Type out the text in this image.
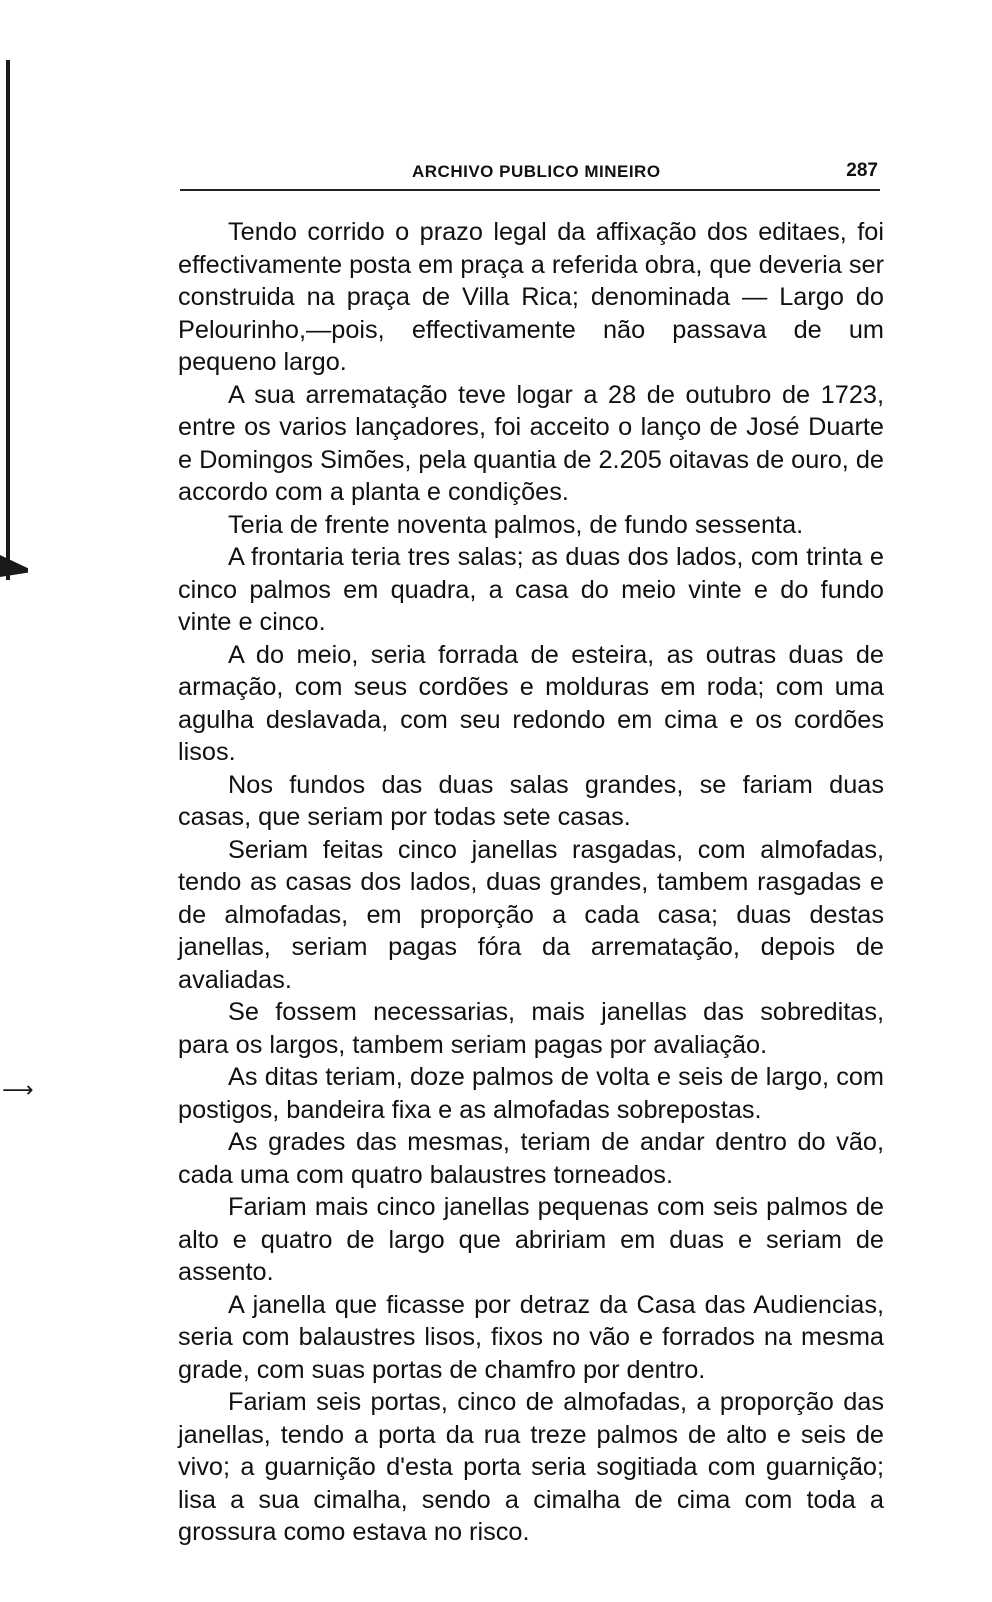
⟶
ARCHIVO PUBLICO MINEIRO	287

Tendo corrido o prazo legal da affixação dos editaes, foi effectivamente posta em praça a referida obra, que deveria ser construida na praça de Villa Rica; denominada — Largo do Pelourinho,—pois, effectivamente não passava de um pequeno largo.

A sua arrematação teve logar a 28 de outubro de 1723, entre os varios lançadores, foi acceito o lanço de José Duarte e Domingos Simões, pela quantia de 2.205 oitavas de ouro, de accordo com a planta e condições.

Teria de frente noventa palmos, de fundo sessenta.

A frontaria teria tres salas; as duas dos lados, com trinta e cinco palmos em quadra, a casa do meio vinte e do fundo vinte e cinco.

A do meio, seria forrada de esteira, as outras duas de armação, com seus cordões e molduras em roda; com uma agulha deslavada, com seu redondo em cima e os cordões lisos.

Nos fundos das duas salas grandes, se fariam duas casas, que seriam por todas sete casas.

Seriam feitas cinco janellas rasgadas, com almofadas, tendo as casas dos lados, duas grandes, tambem rasgadas e de almofadas, em proporção a cada casa; duas destas janellas, seriam pagas fóra da arrematação, depois de avaliadas.

Se fossem necessarias, mais janellas das sobreditas, para os largos, tambem seriam pagas por avaliação.

As ditas teriam, doze palmos de volta e seis de largo, com postigos, bandeira fixa e as almofadas sobrepostas.

As grades das mesmas, teriam de andar dentro do vão, cada uma com quatro balaustres torneados.

Fariam mais cinco janellas pequenas com seis palmos de alto e quatro de largo que abririam em duas e seriam de assento.

A janella que ficasse por detraz da Casa das Audiencias, seria com balaustres lisos, fixos no vão e forrados na mesma grade, com suas portas de chamfro por dentro.

Fariam seis portas, cinco de almofadas, a proporção das janellas, tendo a porta da rua treze palmos de alto e seis de vivo; a guarnição d'esta porta seria sogitiada com guarnição; lisa a sua cimalha, sendo a cimalha de cima com toda a grossura como estava no risco.
